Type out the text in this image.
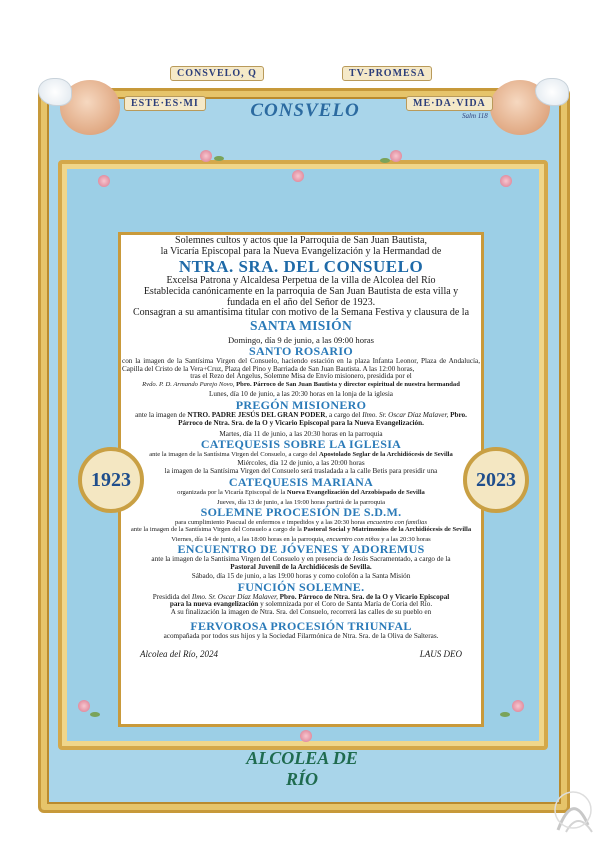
CONSVELO, Q	TV-PROMESA
ESTE·ES·MI	ME·DA·VIDA
Salm 118
CONSVELO
1923	2023

Solemnes cultos y actos que la Parroquia de San Juan Bautista,

la Vicaría Episcopal para la Nueva Evangelización y la Hermandad de

NTRA. SRA. DEL CONSUELO

Excelsa Patrona y Alcaldesa Perpetua de la villa de Alcolea del Río

Establecida canónicamente en la parroquia de San Juan Bautista de esta villa y

fundada en el año del Señor de 1923.

Consagran a su amantísima titular con motivo de la Semana Festiva y clausura de la

SANTA MISIÓN

Domingo, día 9 de junio, a las 09:00 horas

SANTO ROSARIO

con la imagen de la Santísima Virgen del Consuelo, haciendo estación en la plaza Infanta Leonor, Plaza de Andalucía, Capilla del Cristo de la Vera+Cruz, Plaza del Pino y Barriada de San Juan Bautista. A las 12:00 horas,

tras el Rezo del Ángelus, Solemne Misa de Envío misionero, presidida por el

Rvdo. P. D. Armando Parejo Novo, Pbro. Párroco de San Juan Bautista y director espiritual de nuestra hermandad

Lunes, día 10 de junio, a las 20:30 horas en la lonja de la iglesia

PREGÓN MISIONERO

ante la imagen de NTRO. PADRE JESÚS DEL GRAN PODER, a cargo del Ilmo. Sr. Oscar Díaz Malaver, Pbro. Párroco de Ntra. Sra. de la O y Vicario Episcopal para la Nueva Evangelización.

Martes, día 11 de junio, a las 20:30 horas en la parroquia

CATEQUESIS SOBRE LA IGLESIA

ante la imagen de la Santísima Virgen del Consuelo, a cargo del Apostolado Seglar de la Archidiócesis de Sevilla

Miércoles, día 12 de junio, a las 20:00 horas

la imagen de la Santísima Virgen del Consuelo será trasladada a la calle Betis para presidir una

CATEQUESIS MARIANA

organizada por la Vicaría Episcopal de la Nueva Evangelización del Arzobispado de Sevilla

Jueves, día 13 de junio, a las 19:00 horas partirá de la parroquia

SOLEMNE PROCESIÓN DE S.D.M.

para cumplimiento Pascual de enfermos e impedidos y a las 20:30 horas encuentro con familias

ante la imagen de la Santísima Virgen del Consuelo a cargo de la Pastoral Social y Matrimonios de la Archidiócesis de Sevilla

Viernes, día 14 de junio, a las 18:00 horas en la parroquia, encuentro con niños y a las 20:30 horas

ENCUENTRO DE JÓVENES Y ADOREMUS

ante la imagen de la Santísima Virgen del Consuelo y en presencia de Jesús Sacramentado, a cargo de la

Pastoral Juvenil de la Archidiócesis de Sevilla.

Sábado, día 15 de junio, a las 19:00 horas y como colofón a la Santa Misión

FUNCIÓN SOLEMNE.

Presidida del Ilmo. Sr. Oscar Díaz Malaver, Pbro. Párroco de Ntra. Sra. de la O y Vicario Episcopal

para la nueva evangelización y solemnizada por el Coro de Santa María de Coria del Río.

A su finalización la imagen de Ntra. Sra. del Consuelo, recorrerá las calles de su pueblo en

FERVOROSA PROCESIÓN TRIUNFAL

acompañada por todos sus hijos y la Sociedad Filarmónica de Ntra. Sra. de la Oliva de Salteras.

Alcolea del Río, 2024	LAUS DEO
ALCOLEA DE RÍO
